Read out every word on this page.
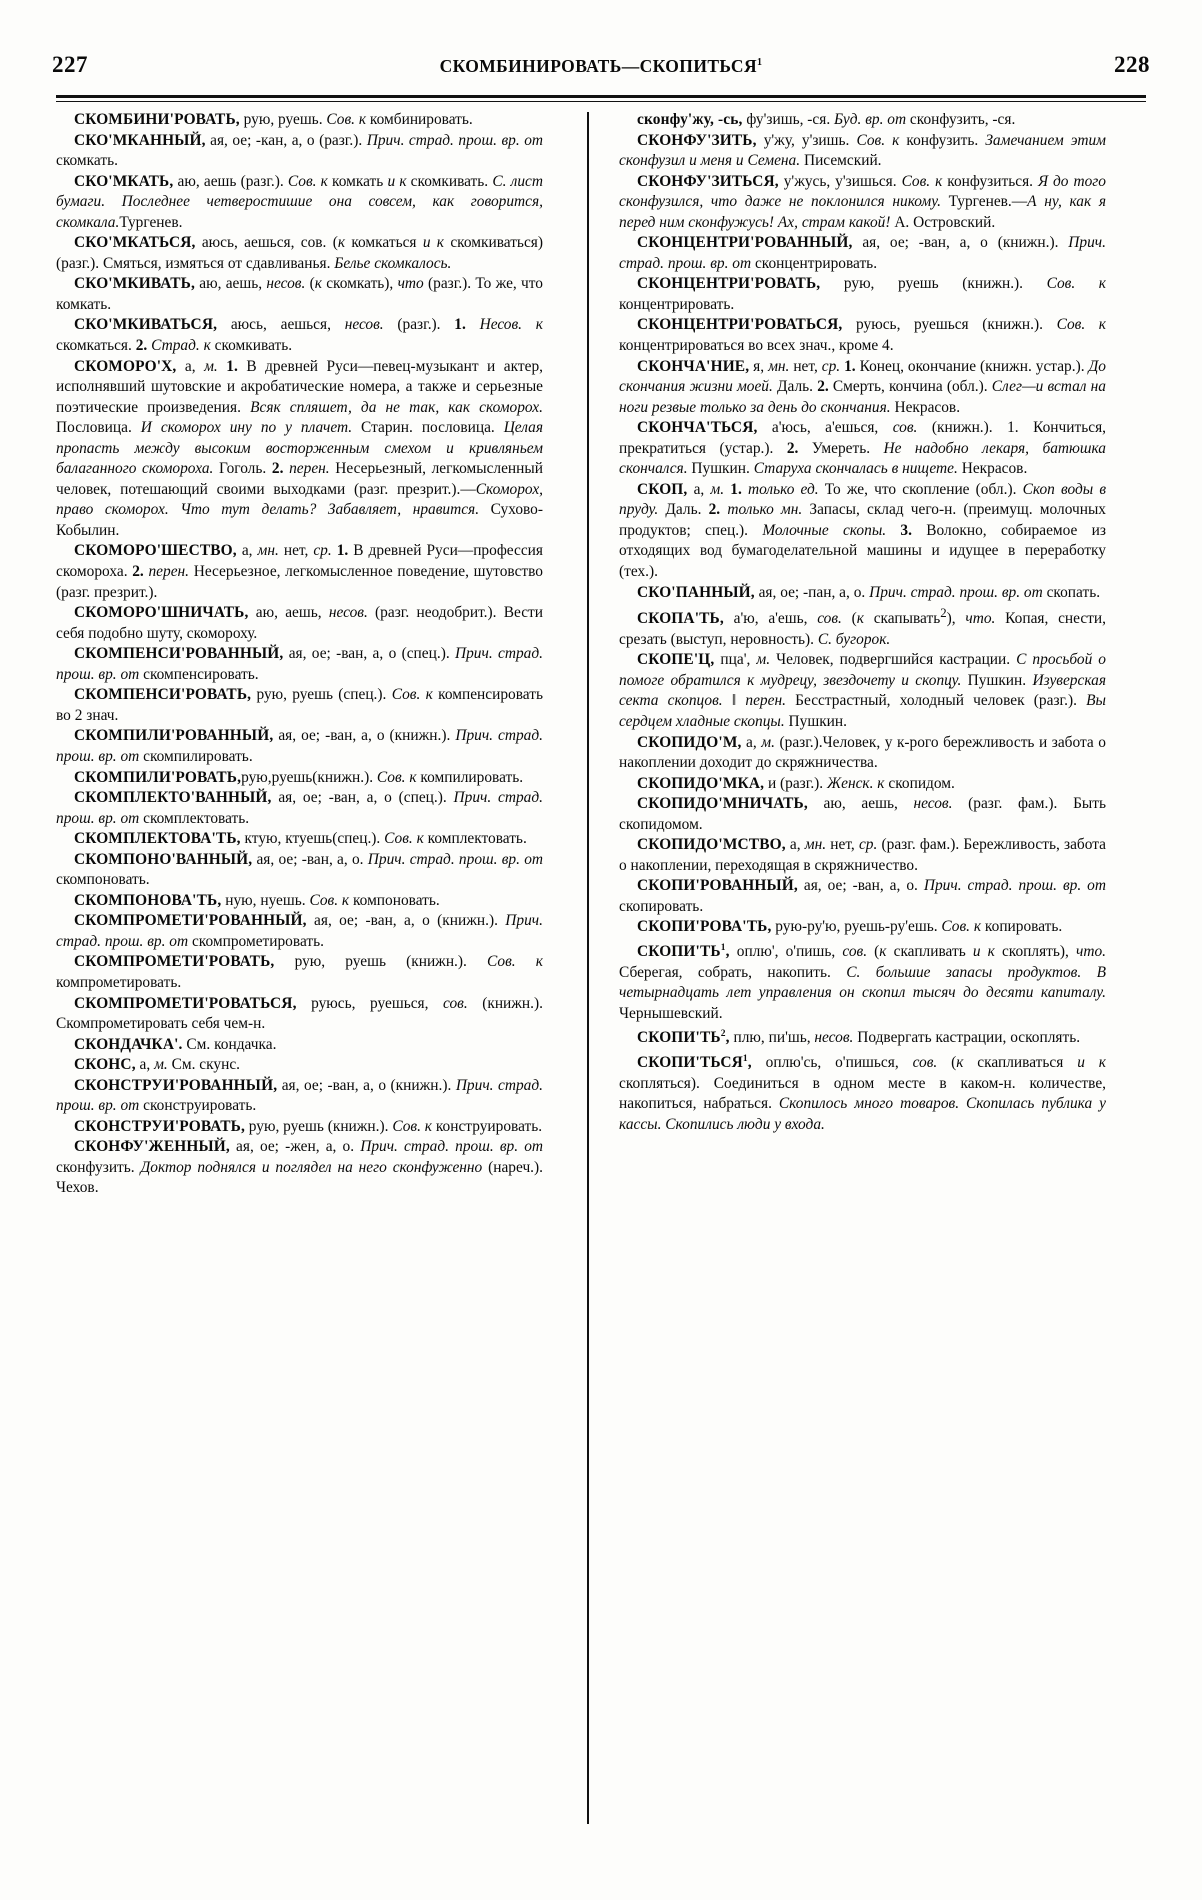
227	СКОМБИНИРОВАТЬ—СКОПИТЬСЯ$^1$	228

СКОМБИНИ'РОВАТЬ, рую, руешь. Сов. к комбинировать.

СКО'МКАННЫЙ, ая, ое; -кан, а, о (разг.). Прич. страд. прош. вр. от скомкать.

СКО'МКАТЬ, аю, аешь (разг.). Сов. к комкать и к скомкивать. С. лист бумаги. Последнее четверостишие она совсем, как говорится, скомкала.Тургенев.

СКО'МКАТЬСЯ, аюсь, аешься, сов. (к комкаться и к скомкиваться) (разг.). Смяться, измяться от сдавливанья. Белье скомкалось.

СКО'МКИВАТЬ, аю, аешь, несов. (к скомкать), что (разг.). То же, что комкать.

СКО'МКИВАТЬСЯ, аюсь, аешься, несов. (разг.). 1. Несов. к скомкаться. 2. Страд. к скомкивать.

СКОМОРО'Х, а, м. 1. В древней Руси—певец-музыкант и актер, исполнявший шутовские и акробатические номера, а также и серьезные поэтические произведения. Всяк спляшет, да не так, как скоморох. Пословица. И скоморох ину по у плачет. Старин. пословица. Целая пропасть между высоким восторженным смехом и кривляньем балаганного скомороха. Гоголь. 2. перен. Несерьезный, легкомысленный человек, потешающий своими выходками (разг. презрит.).—Скоморох, право скоморох. Что тут делать? Забавляет, нравится. Сухово-Кобылин.

СКОМОРО'ШЕСТВО, а, мн. нет, ср. 1. В древней Руси—профессия скомороха. 2. перен. Несерьезное, легкомысленное поведение, шутовство (разг. презрит.).

СКОМОРО'ШНИЧАТЬ, аю, аешь, несов. (разг. неодобрит.). Вести себя подобно шуту, скомороху.

СКОМПЕНСИ'РОВАННЫЙ, ая, ое; -ван, а, о (спец.). Прич. страд. прош. вр. от скомпенсировать.

СКОМПЕНСИ'РОВАТЬ, рую, руешь (спец.). Сов. к компенсировать во 2 знач.

СКОМПИЛИ'РОВАННЫЙ, ая, ое; -ван, а, о (книжн.). Прич. страд. прош. вр. от скомпилировать.

СКОМПИЛИ'РОВАТЬ,рую,руешь(книжн.). Сов. к компилировать.

СКОМПЛЕКТО'ВАННЫЙ, ая, ое; -ван, а, о (спец.). Прич. страд. прош. вр. от скомплектовать.

СКОМПЛЕКТОВА'ТЬ, ктую, ктуешь(спец.). Сов. к комплектовать.

СКОМПОНО'ВАННЫЙ, ая, ое; -ван, а, о. Прич. страд. прош. вр. от скомпоновать.

СКОМПОНОВА'ТЬ, ную, нуешь. Сов. к компоновать.

СКОМПРОМЕТИ'РОВАННЫЙ, ая, ое; -ван, а, о (книжн.). Прич. страд. прош. вр. от скомпрометировать.

СКОМПРОМЕТИ'РОВАТЬ, рую, руешь (книжн.). Сов. к компрометировать.

СКОМПРОМЕТИ'РОВАТЬСЯ, руюсь, руешься, сов. (книжн.). Скомпрометировать себя чем-н.

СКОНДАЧКА'. См. кондачка.

СКОНС, а, м. См. скунс.

СКОНСТРУИ'РОВАННЫЙ, ая, ое; -ван, а, о (книжн.). Прич. страд. прош. вр. от сконструировать.

СКОНСТРУИ'РОВАТЬ, рую, руешь (книжн.). Сов. к конструировать.

СКОНФУ'ЖЕННЫЙ, ая, ое; -жен, а, о. Прич. страд. прош. вр. от сконфузить. Доктор поднялся и поглядел на него сконфуженно (нареч.). Чехов.

сконфу'жу, -сь, фу'зишь, -ся. Буд. вр. от сконфузить, -ся.

СКОНФУ'ЗИТЬ, у'жу, у'зишь. Сов. к конфузить. Замечанием этим сконфузил и меня и Семена. Писемский.

СКОНФУ'ЗИТЬСЯ, у'жусь, у'зишься. Сов. к конфузиться. Я до того сконфузился, что даже не поклонился никому. Тургенев.—А ну, как я перед ним сконфужусь! Ах, страм какой! А. Островский.

СКОНЦЕНТРИ'РОВАННЫЙ, ая, ое; -ван, а, о (книжн.). Прич. страд. прош. вр. от сконцентрировать.

СКОНЦЕНТРИ'РОВАТЬ, рую, руешь (книжн.). Сов. к концентрировать.

СКОНЦЕНТРИ'РОВАТЬСЯ, руюсь, руешься (книжн.). Сов. к концентрироваться во всех знач., кроме 4.

СКОНЧА'НИЕ, я, мн. нет, ср. 1. Конец, окончание (книжн. устар.). До скончания жизни моей. Даль. 2. Смерть, кончина (обл.). Слег—и встал на ноги резвые только за день до скончания. Некрасов.

СКОНЧА'ТЬСЯ, а'юсь, а'ешься, сов. (книжн.). 1. Кончиться, прекратиться (устар.). 2. Умереть. Не надобно лекаря, батюшка скончался. Пушкин. Старуха скончалась в нищете. Некрасов.

СКОП, а, м. 1. только ед. То же, что скопление (обл.). Скоп воды в пруду. Даль. 2. только мн. Запасы, склад чего-н. (преимущ. молочных продуктов; спец.). Молочные скопы. 3. Волокно, собираемое из отходящих вод бумагоделательной машины и идущее в переработку (тех.).

СКО'ПАННЫЙ, ая, ое; -пан, а, о. Прич. страд. прош. вр. от скопать.

СКОПА'ТЬ, а'ю, а'ешь, сов. (к скапывать$^2$), что. Копая, снести, срезать (выступ, неровность). С. бугорок.

СКОПЕ'Ц, пца', м. Человек, подвергшийся кастрации. С просьбой о помоге обратился к мудрецу, звездочету и скопцу. Пушкин. Изуверская секта скопцов. ‖ перен. Бесстрастный, холодный человек (разг.). Вы сердцем хладные скопцы. Пушкин.

СКОПИДО'М, а, м. (разг.).Человек, у к-рого бережливость и забота о накоплении доходит до скряжничества.

СКОПИДО'МКА, и (разг.). Женск. к скопидом.

СКОПИДО'МНИЧАТЬ, аю, аешь, несов. (разг. фам.). Быть скопидомом.

СКОПИДО'МСТВО, а, мн. нет, ср. (разг. фам.). Бережливость, забота о накоплении, переходящая в скряжничество.

СКОПИ'РОВАННЫЙ, ая, ое; -ван, а, о. Прич. страд. прош. вр. от скопировать.

СКОПИ'РОВА'ТЬ, рую-ру'ю, руешь-ру'ешь. Сов. к копировать.

$СКОПИ'ТЬ^1$, оплю', о'пишь, сов. (к скапливать и к скоплять), что. Сберегая, собрать, накопить. С. большие запасы продуктов. В четырнадцать лет управления он скопил тысяч до десяти капиталу. Чернышевский.

$СКОПИ'ТЬ^2$, плю, пи'шь, несов. Подвергать кастрации, оскоплять.

СКОПИ'ТЬСЯ$^1$, оплю'сь, о'пишься, сов. (к скапливаться и к скопляться). Соединиться в одном месте в каком-н. количестве, накопиться, набраться. Скопилось много товаров. Скопилась публика у кассы. Скопились люди у входа.
